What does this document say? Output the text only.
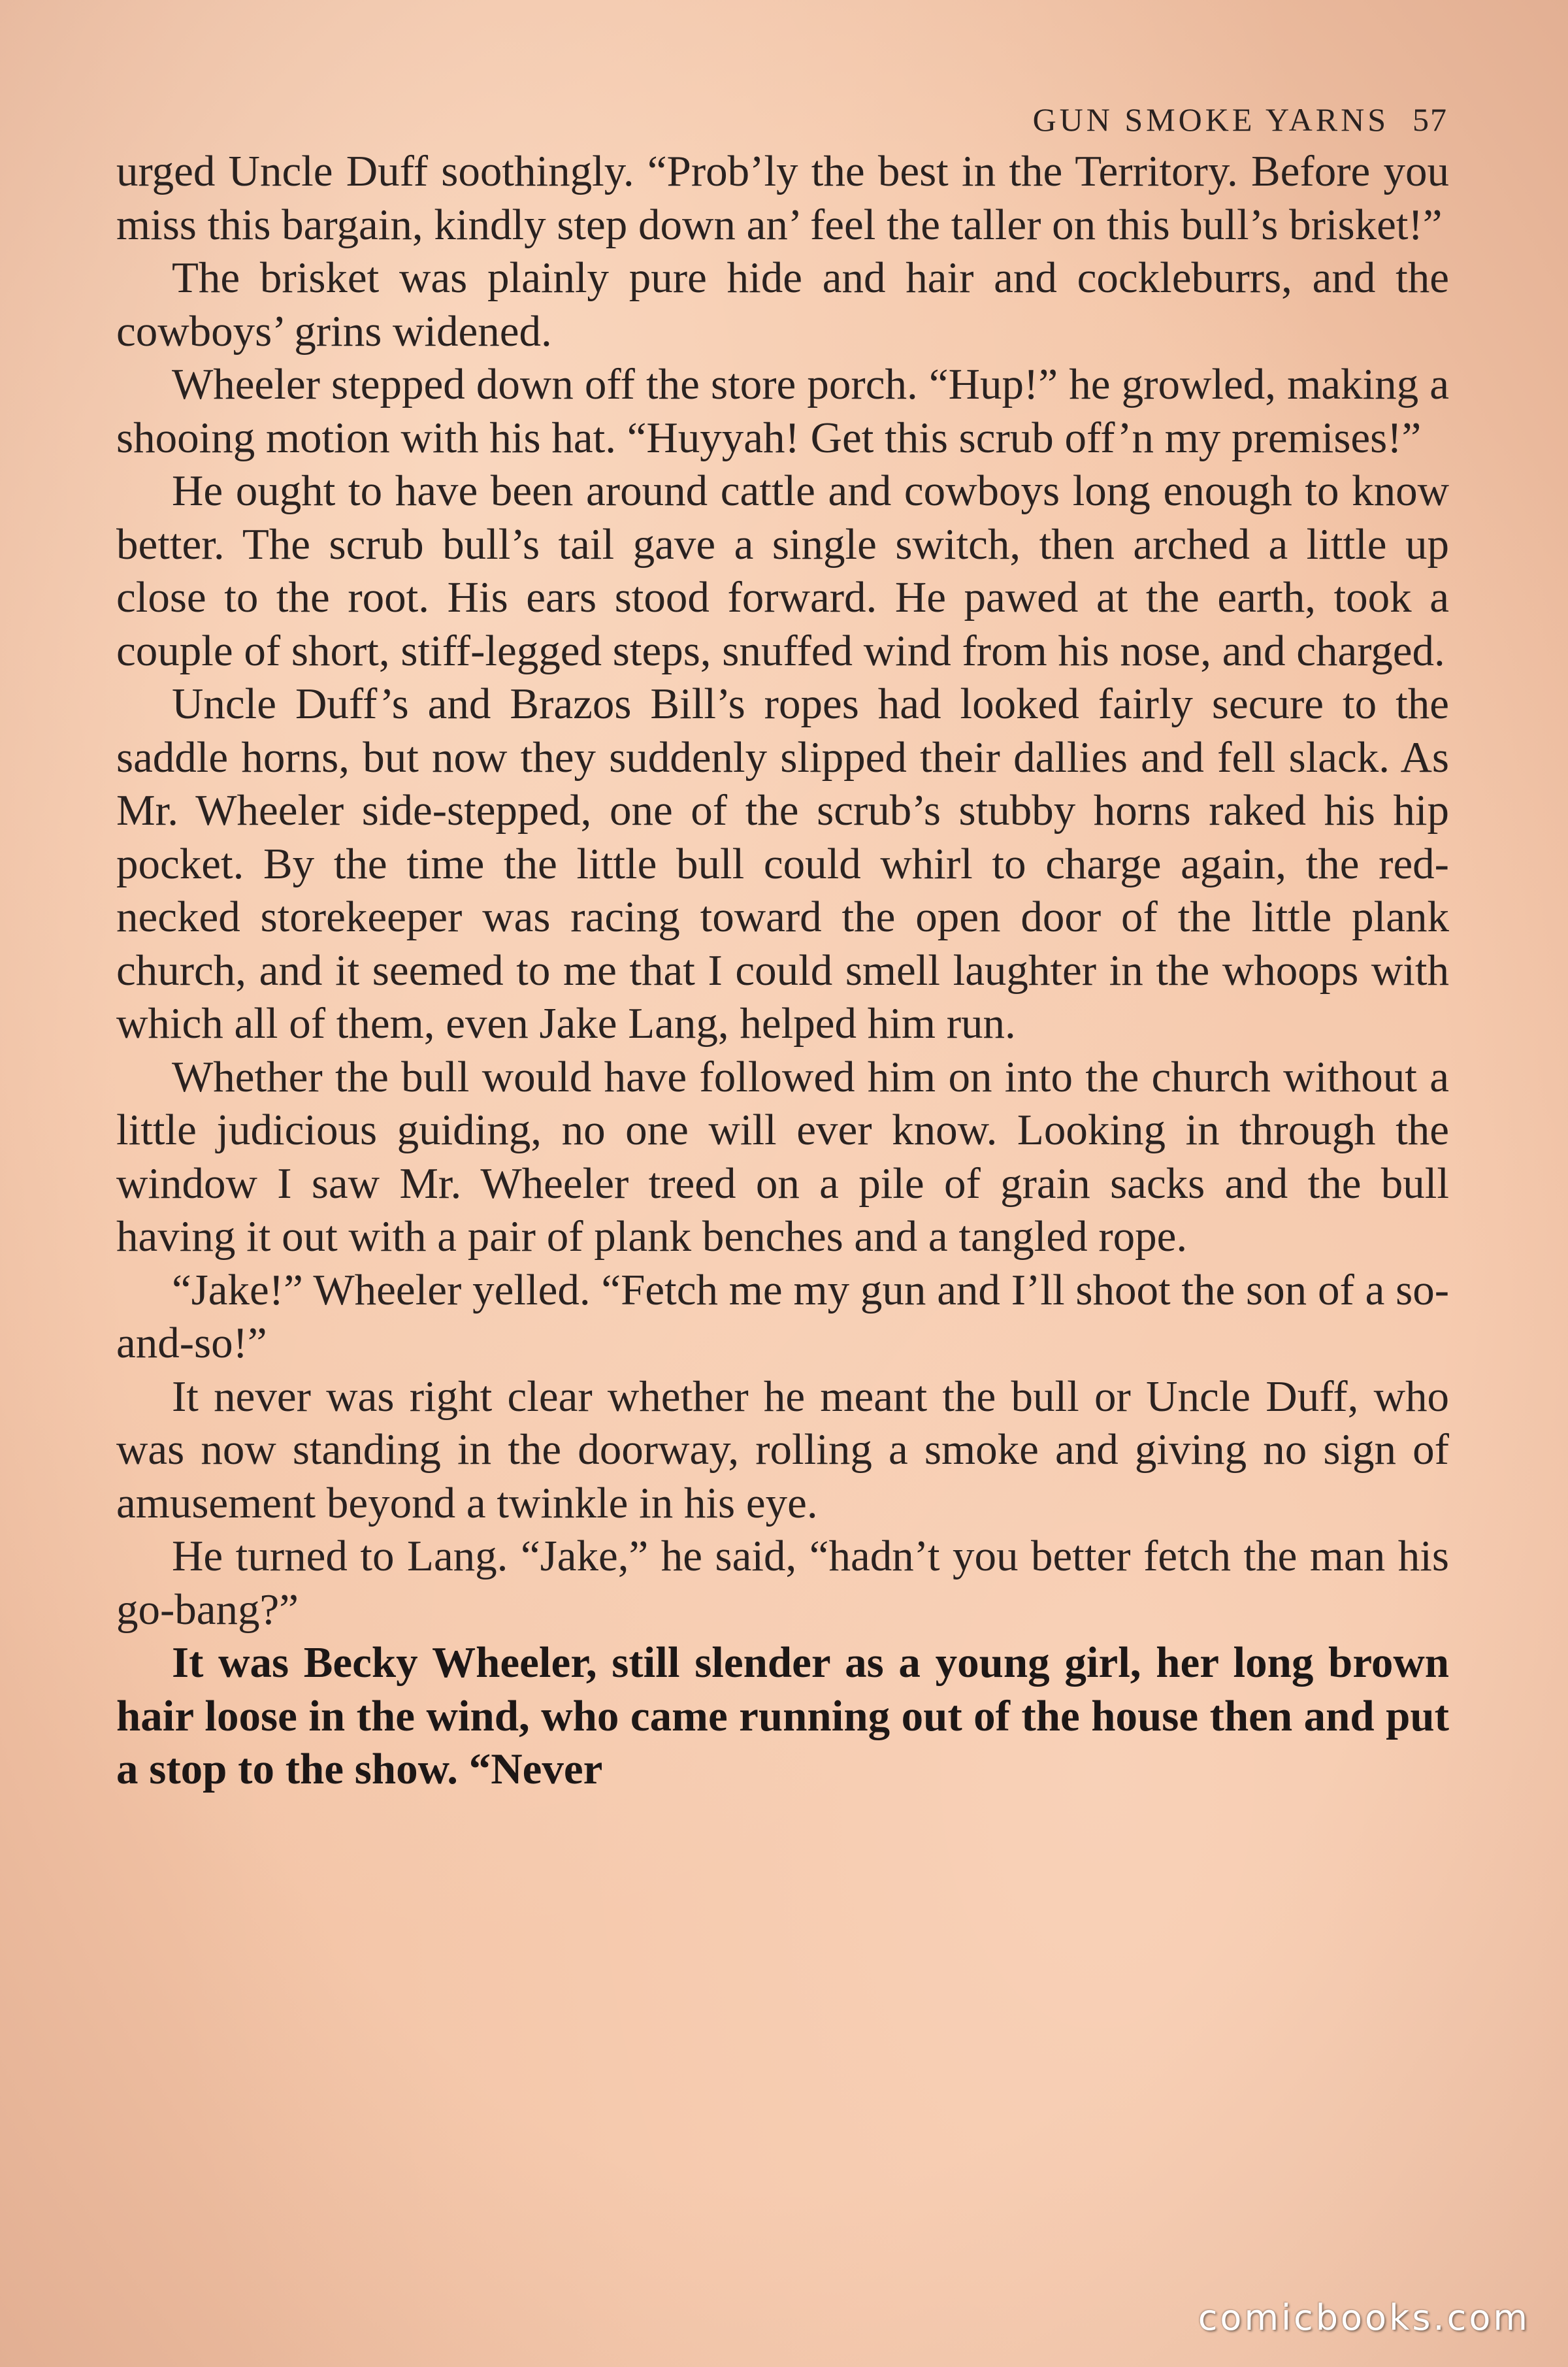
GUN SMOKE YARNS 57

urged Uncle Duff soothingly. “Prob’ly the best in the Territory. Before you miss this bargain, kindly step down an’ feel the taller on this bull’s brisket!”

The brisket was plainly pure hide and hair and cockleburrs, and the cowboys’ grins widened.

Wheeler stepped down off the store porch. “Hup!” he growled, making a shooing motion with his hat. “Huyyah! Get this scrub off’n my premises!”

He ought to have been around cattle and cowboys long enough to know better. The scrub bull’s tail gave a single switch, then arched a little up close to the root. His ears stood forward. He pawed at the earth, took a couple of short, stiff-legged steps, snuffed wind from his nose, and charged.

Uncle Duff’s and Brazos Bill’s ropes had looked fairly secure to the saddle horns, but now they suddenly slipped their dallies and fell slack. As Mr. Wheeler side-stepped, one of the scrub’s stubby horns raked his hip pocket. By the time the little bull could whirl to charge again, the red-necked storekeeper was racing toward the open door of the little plank church, and it seemed to me that I could smell laughter in the whoops with which all of them, even Jake Lang, helped him run.

Whether the bull would have followed him on into the church without a little judicious guiding, no one will ever know. Looking in through the window I saw Mr. Wheeler treed on a pile of grain sacks and the bull having it out with a pair of plank benches and a tangled rope.

“Jake!” Wheeler yelled. “Fetch me my gun and I’ll shoot the son of a so-and-so!”

It never was right clear whether he meant the bull or Uncle Duff, who was now standing in the doorway, rolling a smoke and giving no sign of amusement beyond a twinkle in his eye.

He turned to Lang. “Jake,” he said, “hadn’t you better fetch the man his go-bang?”

It was Becky Wheeler, still slender as a young girl, her long brown hair loose in the wind, who came running out of the house then and put a stop to the show. “Never

comicbooks.com
